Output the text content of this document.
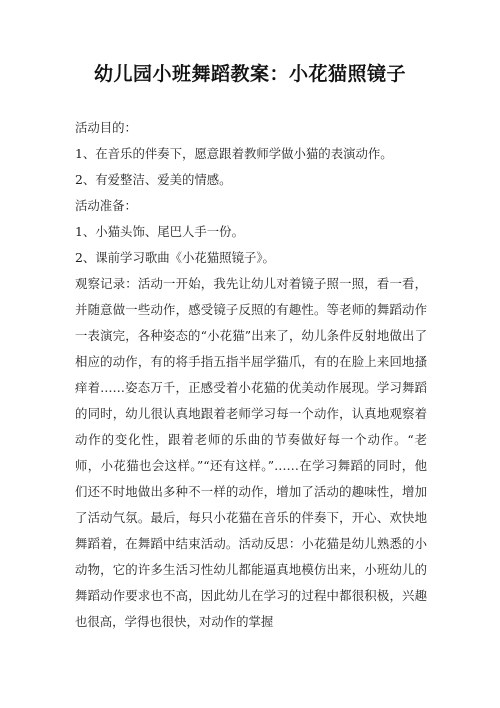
幼儿园小班舞蹈教案：小花猫照镜子

活动目的：

1、在音乐的伴奏下，愿意跟着教师学做小猫的表演动作。

2、有爱整洁、爱美的情感。

活动准备：

1、小猫头饰、尾巴人手一份。

2、课前学习歌曲《小花猫照镜子》。

观察记录：活动一开始，我先让幼儿对着镜子照一照，看一看，并随意做一些动作，感受镜子反照的有趣性。等老师的舞蹈动作一表演完，各种姿态的“小花猫”出来了，幼儿条件反射地做出了相应的动作，有的将手指五指半屈学猫爪，有的在脸上来回地搔痒着……姿态万千，正感受着小花猫的优美动作展现。学习舞蹈的同时，幼儿很认真地跟着老师学习每一个动作，认真地观察着动作的变化性，跟着老师的乐曲的节奏做好每一个动作。“老师，小花猫也会这样。”“还有这样。”……在学习舞蹈的同时，他们还不时地做出多种不一样的动作，增加了活动的趣味性，增加了活动气氛。最后，每只小花猫在音乐的伴奏下，开心、欢快地舞蹈着，在舞蹈中结束活动。活动反思：小花猫是幼儿熟悉的小动物，它的许多生活习性幼儿都能逼真地模仿出来，小班幼儿的舞蹈动作要求也不高，因此幼儿在学习的过程中都很积极，兴趣也很高，学得也很快，对动作的掌握
